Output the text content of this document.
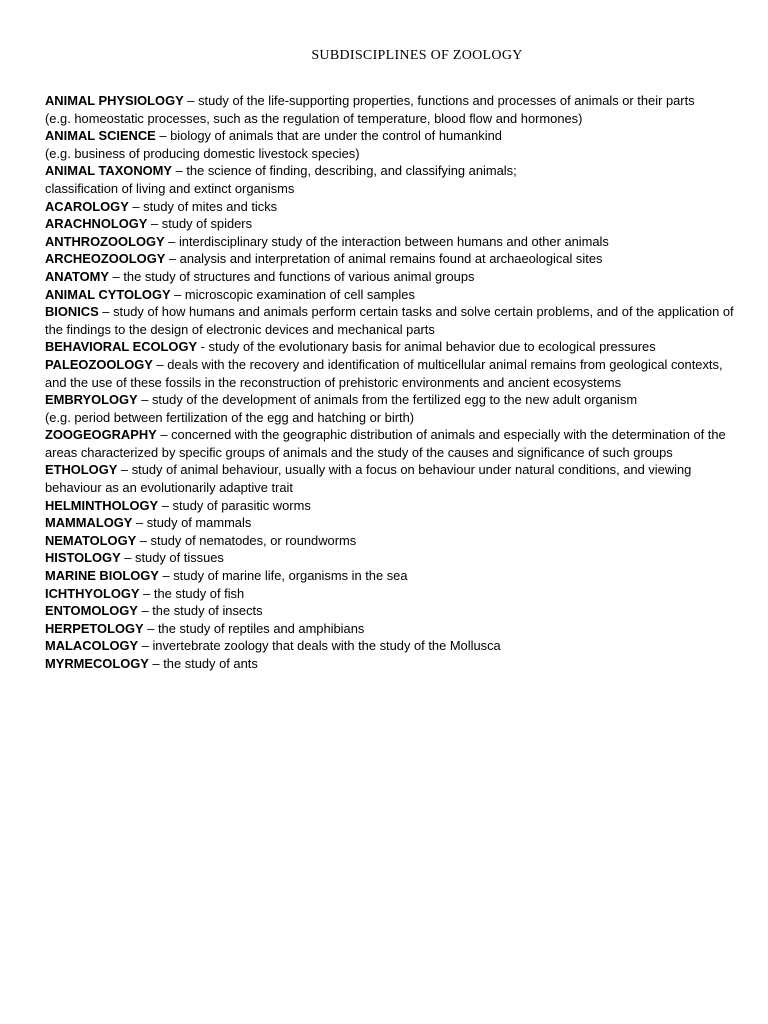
SUBDISCIPLINES OF ZOOLOGY

ANIMAL PHYSIOLOGY – study of the life-supporting properties, functions and processes of animals or their parts
(e.g. homeostatic processes, such as the regulation of temperature, blood flow and hormones)

ANIMAL SCIENCE – biology of animals that are under the control of humankind
(e.g. business of producing domestic livestock species)

ANIMAL TAXONOMY – the science of finding, describing, and classifying animals;
classification of living and extinct organisms

ACAROLOGY – study of mites and ticks

ARACHNOLOGY – study of spiders

ANTHROZOOLOGY – interdisciplinary study of the interaction between humans and other animals

ARCHEOZOOLOGY – analysis and interpretation of animal remains found at archaeological sites

ANATOMY – the study of structures and functions of various animal groups

ANIMAL CYTOLOGY – microscopic examination of cell samples

BIONICS – study of how humans and animals perform certain tasks and solve certain problems, and of the application of the findings to the design of electronic devices and mechanical parts

BEHAVIORAL ECOLOGY - study of the evolutionary basis for animal behavior due to ecological pressures

PALEOZOOLOGY – deals with the recovery and identification of multicellular animal remains from geological contexts, and the use of these fossils in the reconstruction of prehistoric environments and ancient ecosystems

EMBRYOLOGY – study of the development of animals from the fertilized egg to the new adult organism
(e.g. period between fertilization of the egg and hatching or birth)

ZOOGEOGRAPHY – concerned with the geographic distribution of animals and especially with the determination of the areas characterized by specific groups of animals and the study of the causes and significance of such groups

ETHOLOGY – study of animal behaviour, usually with a focus on behaviour under natural conditions, and viewing behaviour as an evolutionarily adaptive trait

HELMINTHOLOGY – study of parasitic worms

MAMMALOGY – study of mammals

NEMATOLOGY – study of nematodes, or roundworms

HISTOLOGY – study of tissues

MARINE BIOLOGY – study of marine life, organisms in the sea

ICHTHYOLOGY – the study of fish

ENTOMOLOGY – the study of insects

HERPETOLOGY – the study of reptiles and amphibians

MALACOLOGY – invertebrate zoology that deals with the study of the Mollusca

MYRMECOLOGY – the study of ants
